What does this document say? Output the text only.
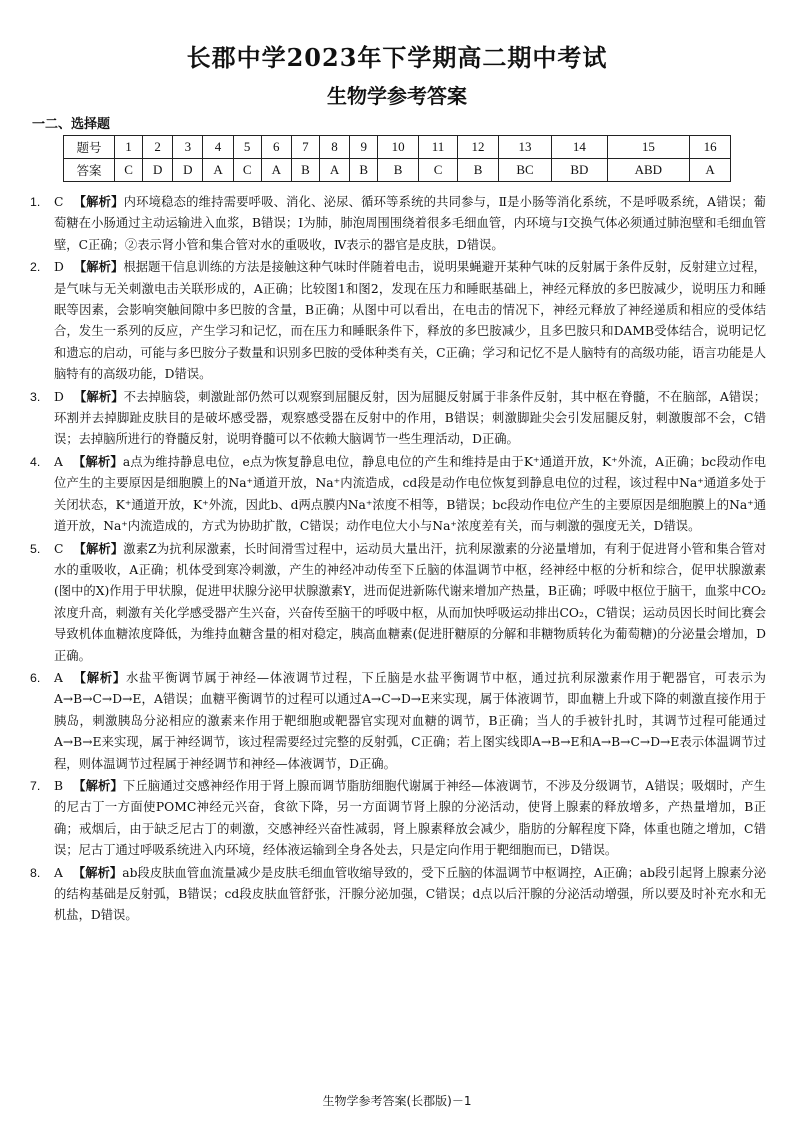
长郡中学2023年下学期高二期中考试
生物学参考答案
一二、选择题
题号	1	2	3	4	5	6	7	8	9	10	11	12	13	14	15	16
答案	C	D	D	A	C	A	B	A	B	B	C	B	BC	BD	ABD	A
1.	C 【解析】内环境稳态的维持需要呼吸、消化、泌尿、循环等系统的共同参与，Ⅱ是小肠等消化系统，不是呼吸系统，A错误；葡萄糖在小肠通过主动运输进入血浆，B错误；Ⅰ为肺，肺泡周围围绕着很多毛细血管，内环境与Ⅰ交换气体必须通过肺泡壁和毛细血管壁，C正确；②表示肾小管和集合管对水的重吸收，Ⅳ表示的器官是皮肤，D错误。
2.	D 【解析】根据题干信息训练的方法是接触这种气味时伴随着电击，说明果蝇避开某种气味的反射属于条件反射，反射建立过程，是气味与无关刺激电击关联形成的，A正确；比较图1和图2，发现在压力和睡眠基础上，神经元释放的多巴胺减少，说明压力和睡眠等因素，会影响突触间隙中多巴胺的含量，B正确；从图中可以看出，在电击的情况下，神经元释放了神经递质和相应的受体结合，发生一系列的反应，产生学习和记忆，而在压力和睡眠条件下，释放的多巴胺减少，且多巴胺只和DAMB受体结合，说明记忆和遗忘的启动，可能与多巴胺分子数量和识别多巴胺的受体种类有关，C正确；学习和记忆不是人脑特有的高级功能，语言功能是人脑特有的高级功能，D错误。
3.	D 【解析】不去掉脑袋，刺激趾部仍然可以观察到屈腿反射，因为屈腿反射属于非条件反射，其中枢在脊髓，不在脑部，A错误；环割并去掉脚趾皮肤目的是破坏感受器，观察感受器在反射中的作用，B错误；刺激脚趾尖会引发屈腿反射，刺激腹部不会，C错误；去掉脑所进行的脊髓反射，说明脊髓可以不依赖大脑调节一些生理活动，D正确。
4.	A 【解析】a点为维持静息电位，e点为恢复静息电位，静息电位的产生和维持是由于K⁺通道开放，K⁺外流，A正确；bc段动作电位产生的主要原因是细胞膜上的Na⁺通道开放，Na⁺内流造成，cd段是动作电位恢复到静息电位的过程，该过程中Na⁺通道多处于关闭状态，K⁺通道开放，K⁺外流，因此b、d两点膜内Na⁺浓度不相等，B错误；bc段动作电位产生的主要原因是细胞膜上的Na⁺通道开放，Na⁺内流造成的，方式为协助扩散，C错误；动作电位大小与Na⁺浓度差有关，而与刺激的强度无关，D错误。
5.	C 【解析】激素Z为抗利尿激素，长时间滑雪过程中，运动员大量出汗，抗利尿激素的分泌量增加，有利于促进肾小管和集合管对水的重吸收，A正确；机体受到寒冷刺激，产生的神经冲动传至下丘脑的体温调节中枢，经神经中枢的分析和综合，促甲状腺激素(图中的X)作用于甲状腺，促进甲状腺分泌甲状腺激素Y，进而促进新陈代谢来增加产热量，B正确；呼吸中枢位于脑干，血浆中CO₂浓度升高，刺激有关化学感受器产生兴奋，兴奋传至脑干的呼吸中枢，从而加快呼吸运动排出CO₂，C错误；运动员因长时间比赛会导致机体血糖浓度降低，为维持血糖含量的相对稳定，胰高血糖素(促进肝糖原的分解和非糖物质转化为葡萄糖)的分泌量会增加，D正确。
6.	A 【解析】水盐平衡调节属于神经—体液调节过程，下丘脑是水盐平衡调节中枢，通过抗利尿激素作用于靶器官，可表示为A→B→C→D→E，A错误；血糖平衡调节的过程可以通过A→C→D→E来实现，属于体液调节，即血糖上升或下降的刺激直接作用于胰岛，刺激胰岛分泌相应的激素来作用于靶细胞或靶器官实现对血糖的调节，B正确；当人的手被针扎时，其调节过程可能通过A→B→E来实现，属于神经调节，该过程需要经过完整的反射弧，C正确；若上图实线即A→B→E和A→B→C→D→E表示体温调节过程，则体温调节过程属于神经调节和神经—体液调节，D正确。
7.	B 【解析】下丘脑通过交感神经作用于肾上腺而调节脂肪细胞代谢属于神经—体液调节，不涉及分级调节，A错误；吸烟时，产生的尼古丁一方面使POMC神经元兴奋，食欲下降，另一方面调节肾上腺的分泌活动，使肾上腺素的释放增多，产热量增加，B正确；戒烟后，由于缺乏尼古丁的刺激，交感神经兴奋性减弱，肾上腺素释放会减少，脂肪的分解程度下降，体重也随之增加，C错误；尼古丁通过呼吸系统进入内环境，经体液运输到全身各处去，只是定向作用于靶细胞而已，D错误。
8.	A 【解析】ab段皮肤血管血流量减少是皮肤毛细血管收缩导致的，受下丘脑的体温调节中枢调控，A正确；ab段引起肾上腺素分泌的结构基础是反射弧，B错误；cd段皮肤血管舒张，汗腺分泌加强，C错误；d点以后汗腺的分泌活动增强，所以要及时补充水和无机盐，D错误。
生物学参考答案(长郡版)－1
